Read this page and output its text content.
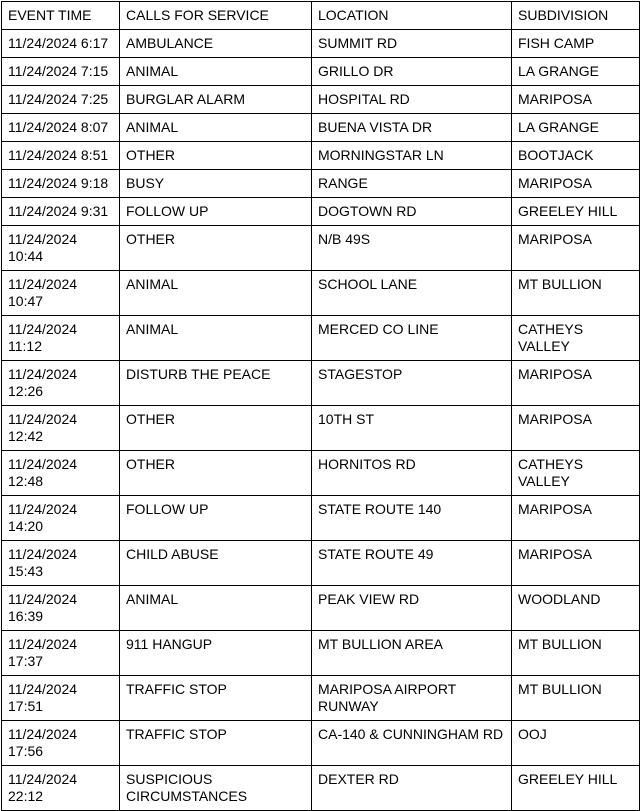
EVENT TIME	CALLS FOR SERVICE	LOCATION	SUBDIVISION
11/24/2024 6:17	AMBULANCE	SUMMIT RD	FISH CAMP
11/24/2024 7:15	ANIMAL	GRILLO DR	LA GRANGE
11/24/2024 7:25	BURGLAR ALARM	HOSPITAL RD	MARIPOSA
11/24/2024 8:07	ANIMAL	BUENA VISTA DR	LA GRANGE
11/24/2024 8:51	OTHER	MORNINGSTAR LN	BOOTJACK
11/24/2024 9:18	BUSY	RANGE	MARIPOSA
11/24/2024 9:31	FOLLOW UP	DOGTOWN RD	GREELEY HILL
11/24/2024 10:44	OTHER	N/B 49S	MARIPOSA
11/24/2024 10:47	ANIMAL	SCHOOL LANE	MT BULLION
11/24/2024 11:12	ANIMAL	MERCED CO LINE	CATHEYS VALLEY
11/24/2024 12:26	DISTURB THE PEACE	STAGESTOP	MARIPOSA
11/24/2024 12:42	OTHER	10TH ST	MARIPOSA
11/24/2024 12:48	OTHER	HORNITOS RD	CATHEYS VALLEY
11/24/2024 14:20	FOLLOW UP	STATE ROUTE 140	MARIPOSA
11/24/2024 15:43	CHILD ABUSE	STATE ROUTE 49	MARIPOSA
11/24/2024 16:39	ANIMAL	PEAK VIEW RD	WOODLAND
11/24/2024 17:37	911 HANGUP	MT BULLION AREA	MT BULLION
11/24/2024 17:51	TRAFFIC STOP	MARIPOSA AIRPORT RUNWAY	MT BULLION
11/24/2024 17:56	TRAFFIC STOP	CA-140 & CUNNINGHAM RD	OOJ
11/24/2024 22:12	SUSPICIOUS CIRCUMSTANCES	DEXTER RD	GREELEY HILL
